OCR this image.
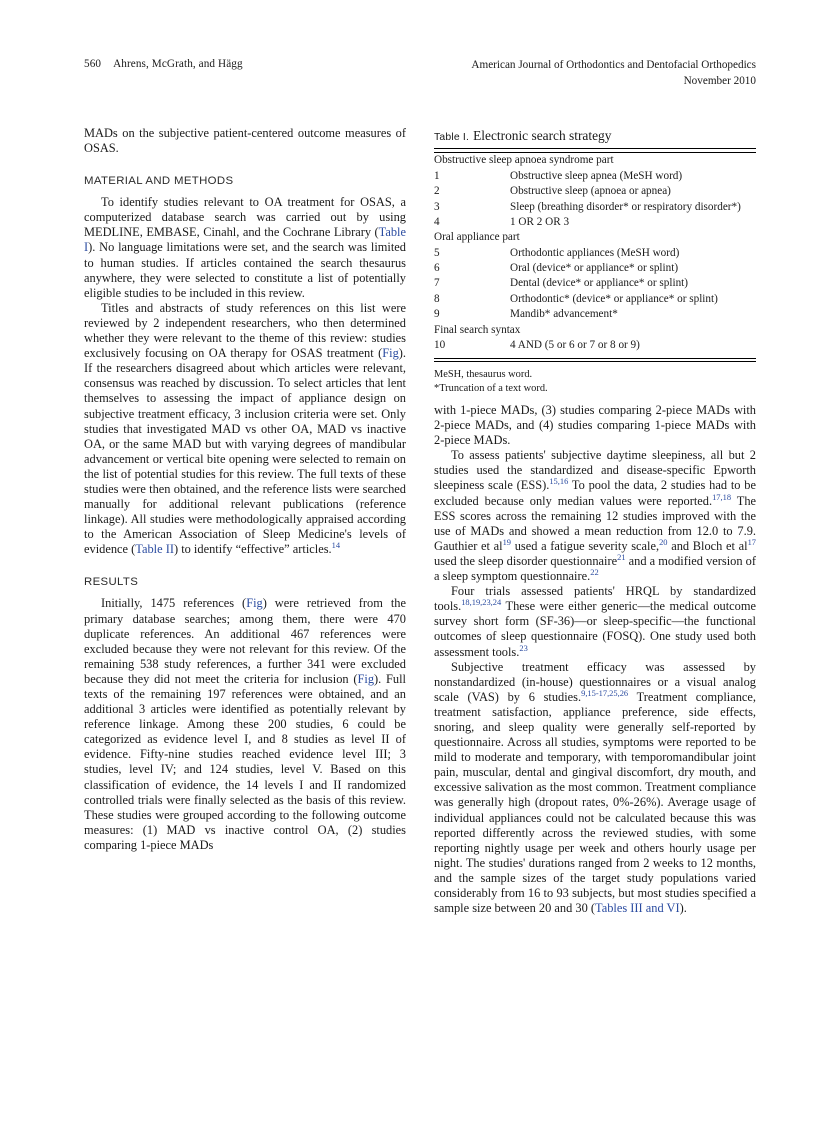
560 Ahrens, McGrath, and Hägg	American Journal of Orthodontics and Dentofacial Orthopedics
November 2010

MADs on the subjective patient-centered outcome measures of OSAS.

MATERIAL AND METHODS

To identify studies relevant to OA treatment for OSAS, a computerized database search was carried out by using MEDLINE, EMBASE, Cinahl, and the Cochrane Library (Table I). No language limitations were set, and the search was limited to human studies. If articles contained the search thesaurus anywhere, they were selected to constitute a list of potentially eligible studies to be included in this review.

Titles and abstracts of study references on this list were reviewed by 2 independent researchers, who then determined whether they were relevant to the theme of this review: studies exclusively focusing on OA therapy for OSAS treatment (Fig). If the researchers disagreed about which articles were relevant, consensus was reached by discussion. To select articles that lent themselves to assessing the impact of appliance design on subjective treatment efficacy, 3 inclusion criteria were set. Only studies that investigated MAD vs other OA, MAD vs inactive OA, or the same MAD but with varying degrees of mandibular advancement or vertical bite opening were selected to remain on the list of potential studies for this review. The full texts of these studies were then obtained, and the reference lists were searched manually for additional relevant publications (reference linkage). All studies were methodologically appraised according to the American Association of Sleep Medicine's levels of evidence (Table II) to identify “effective” articles.$^{14}$

RESULTS

Initially, 1475 references (Fig) were retrieved from the primary database searches; among them, there were 470 duplicate references. An additional 467 references were excluded because they were not relevant for this review. Of the remaining 538 study references, a further 341 were excluded because they did not meet the criteria for inclusion (Fig). Full texts of the remaining 197 references were obtained, and an additional 3 articles were identified as potentially relevant by reference linkage. Among these 200 studies, 6 could be categorized as evidence level I, and 8 studies as level II of evidence. Fifty-nine studies reached evidence level III; 3 studies, level IV; and 124 studies, level V. Based on this classification of evidence, the 14 levels I and II randomized controlled trials were finally selected as the basis of this review. These studies were grouped according to the following outcome measures: (1) MAD vs inactive control OA, (2) studies comparing 1-piece MADs

Table I. Electronic search strategy
Obstructive sleep apnoea syndrome part	
1	Obstructive sleep apnea (MeSH word)
2	Obstructive sleep (apnoea or apnea)
3	Sleep (breathing disorder* or respiratory disorder*)
4	1 OR 2 OR 3
Oral appliance part	
5	Orthodontic appliances (MeSH word)
6	Oral (device* or appliance* or splint)
7	Dental (device* or appliance* or splint)
8	Orthodontic* (device* or appliance* or splint)
9	Mandib* advancement*
Final search syntax	
10	4 AND (5 or 6 or 7 or 8 or 9)
MeSH, thesaurus word.
*Truncation of a text word.

with 1-piece MADs, (3) studies comparing 2-piece MADs with 2-piece MADs, and (4) studies comparing 1-piece MADs with 2-piece MADs.

To assess patients' subjective daytime sleepiness, all but 2 studies used the standardized and disease-specific Epworth sleepiness scale (ESS).$^{15,16}$ To pool the data, 2 studies had to be excluded because only median values were reported.$^{17,18}$ The ESS scores across the remaining 12 studies improved with the use of MADs and showed a mean reduction from 12.0 to 7.9. Gauthier et $al^{19}$ used a fatigue severity scale,$^{20}$ and Bloch et $al^{17}$ used the sleep disorder questionnaire$^{21}$ and a modified version of a sleep symptom questionnaire.$^{22}$

Four trials assessed patients' HRQL by standardized tools.$^{18,19,23,24}$ These were either generic—the medical outcome survey short form (SF-36)—or sleep-specific—the functional outcomes of sleep questionnaire (FOSQ). One study used both assessment tools.$^{23}$

Subjective treatment efficacy was assessed by nonstandardized (in-house) questionnaires or a visual analog scale (VAS) by 6 studies.$^{9,15-17,25,26}$ Treatment compliance, treatment satisfaction, appliance preference, side effects, snoring, and sleep quality were generally self-reported by questionnaire. Across all studies, symptoms were reported to be mild to moderate and temporary, with temporomandibular joint pain, muscular, dental and gingival discomfort, dry mouth, and excessive salivation as the most common. Treatment compliance was generally high (dropout rates, 0%-26%). Average usage of individual appliances could not be calculated because this was reported differently across the reviewed studies, with some reporting nightly usage per week and others hourly usage per night. The studies' durations ranged from 2 weeks to 12 months, and the sample sizes of the target study populations varied considerably from 16 to 93 subjects, but most studies specified a sample size between 20 and 30 (Tables III and VI).
